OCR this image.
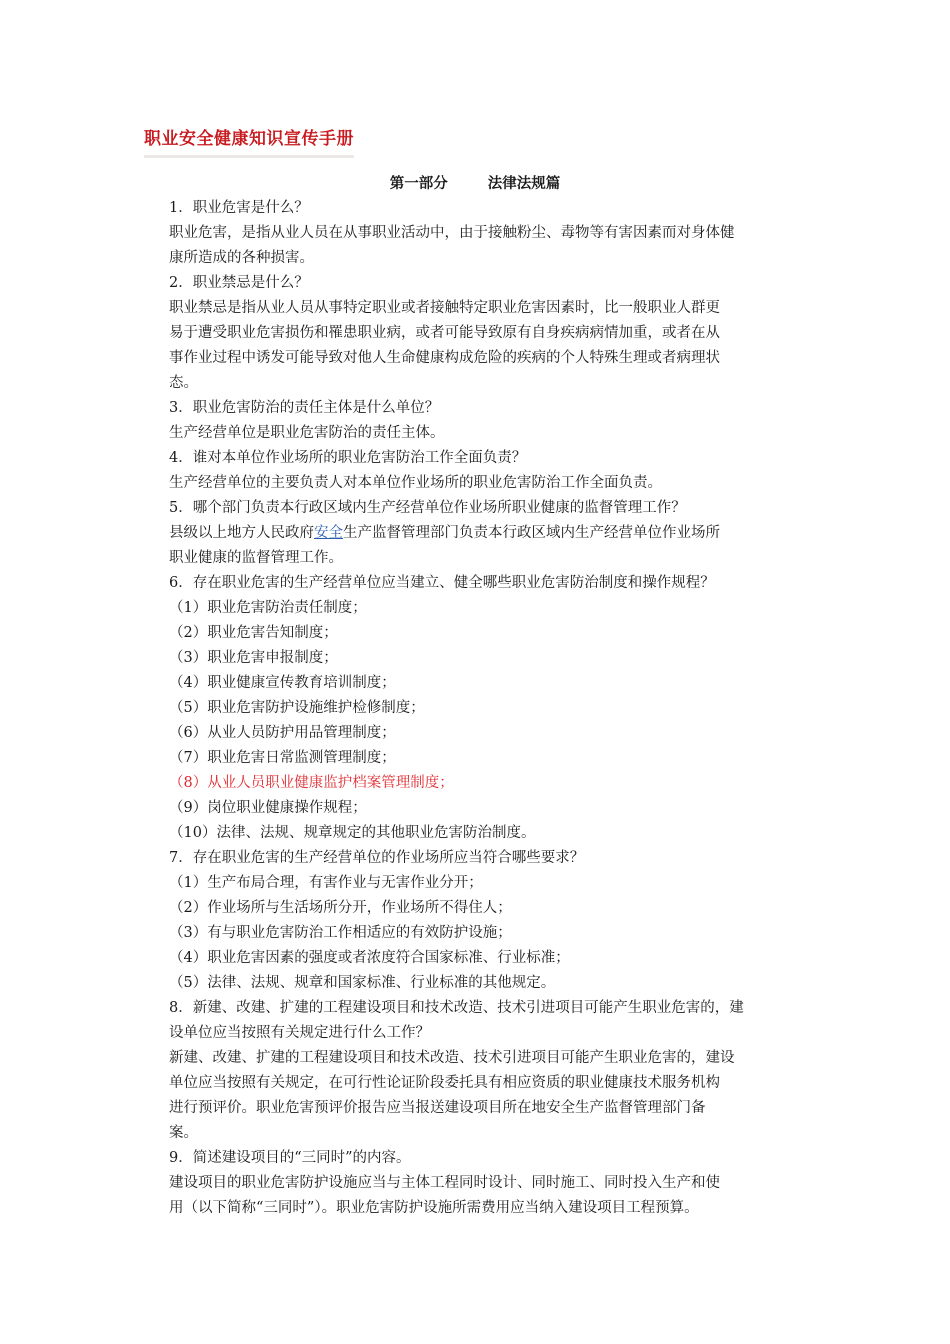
职业安全健康知识宣传手册
第一部分	法律法规篇
1．职业危害是什么？
职业危害，是指从业人员在从事职业活动中，由于接触粉尘、毒物等有害因素而对身体健
康所造成的各种损害。
2．职业禁忌是什么？
职业禁忌是指从业人员从事特定职业或者接触特定职业危害因素时，比一般职业人群更
易于遭受职业危害损伤和罹患职业病，或者可能导致原有自身疾病病情加重，或者在从
事作业过程中诱发可能导致对他人生命健康构成危险的疾病的个人特殊生理或者病理状
态。
3．职业危害防治的责任主体是什么单位？
生产经营单位是职业危害防治的责任主体。
4．谁对本单位作业场所的职业危害防治工作全面负责？
生产经营单位的主要负责人对本单位作业场所的职业危害防治工作全面负责。
5．哪个部门负责本行政区域内生产经营单位作业场所职业健康的监督管理工作？
县级以上地方人民政府安全生产监督管理部门负责本行政区域内生产经营单位作业场所
职业健康的监督管理工作。
6．存在职业危害的生产经营单位应当建立、健全哪些职业危害防治制度和操作规程？
（1）职业危害防治责任制度；
（2）职业危害告知制度；
（3）职业危害申报制度；
（4）职业健康宣传教育培训制度；
（5）职业危害防护设施维护检修制度；
（6）从业人员防护用品管理制度；
（7）职业危害日常监测管理制度；
（8）从业人员职业健康监护档案管理制度；
（9）岗位职业健康操作规程；
（10）法律、法规、规章规定的其他职业危害防治制度。
7．存在职业危害的生产经营单位的作业场所应当符合哪些要求？
（1）生产布局合理，有害作业与无害作业分开；
（2）作业场所与生活场所分开，作业场所不得住人；
（3）有与职业危害防治工作相适应的有效防护设施；
（4）职业危害因素的强度或者浓度符合国家标准、行业标准；
（5）法律、法规、规章和国家标准、行业标准的其他规定。
8．新建、改建、扩建的工程建设项目和技术改造、技术引进项目可能产生职业危害的，建
设单位应当按照有关规定进行什么工作？
新建、改建、扩建的工程建设项目和技术改造、技术引进项目可能产生职业危害的，建设
单位应当按照有关规定，在可行性论证阶段委托具有相应资质的职业健康技术服务机构
进行预评价。职业危害预评价报告应当报送建设项目所在地安全生产监督管理部门备
案。
9．简述建设项目的“三同时”的内容。
建设项目的职业危害防护设施应当与主体工程同时设计、同时施工、同时投入生产和使
用（以下简称“三同时”）。职业危害防护设施所需费用应当纳入建设项目工程预算。
